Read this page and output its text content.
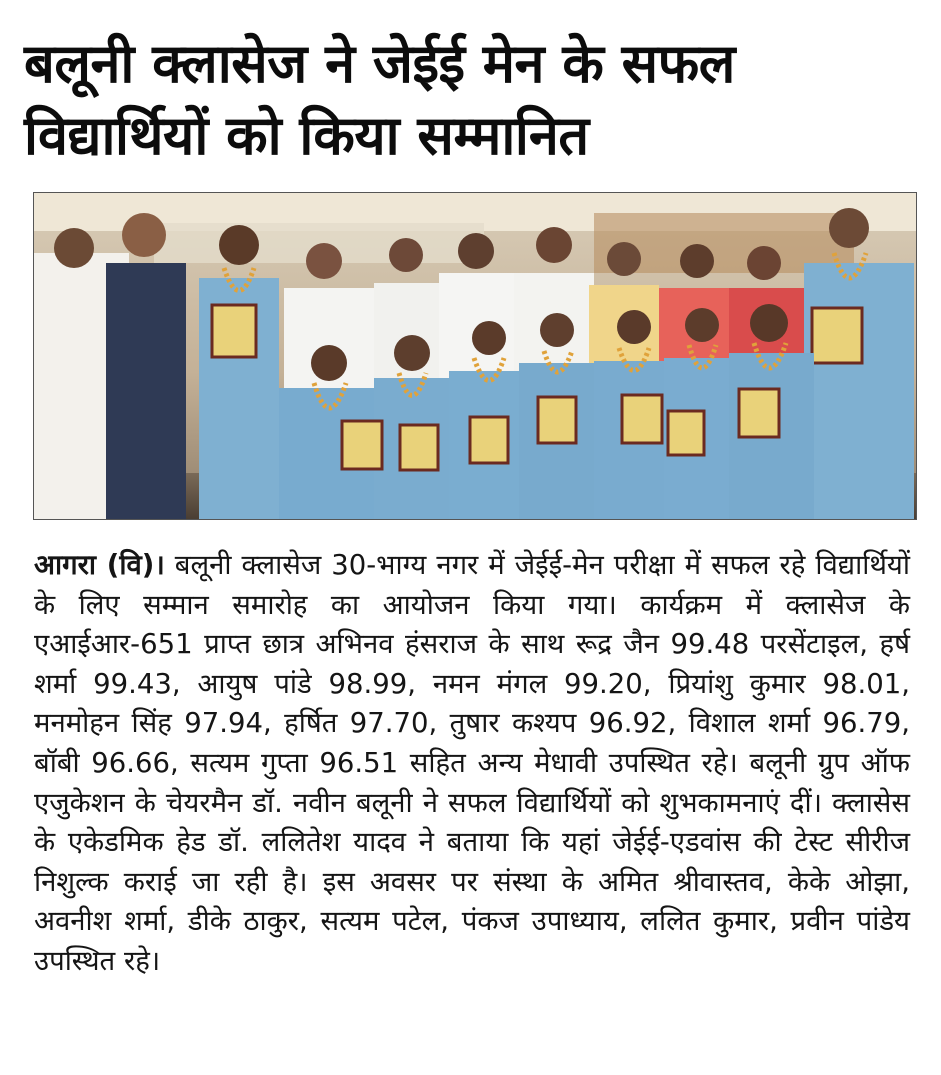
बलूनी क्लासेज ने जेईई मेन के सफल
विद्यार्थियों को किया सम्मानित

आगरा (वि)। बलूनी क्लासेज 30-भाग्य नगर में जेईई-मेन परीक्षा में सफल रहे विद्यार्थियों के लिए सम्मान समारोह का आयोजन किया गया। कार्यक्रम में क्लासेज के एआईआर-651 प्राप्त छात्र अभिनव हंसराज के साथ रूद्र जैन 99.48 परसेंटाइल, हर्ष शर्मा 99.43, आयुष पांडे 98.99, नमन मंगल 99.20, प्रियांशु कुमार 98.01, मनमोहन सिंह 97.94, हर्षित 97.70, तुषार कश्यप 96.92, विशाल शर्मा 96.79, बॉबी 96.66, सत्यम गुप्ता 96.51 सहित अन्य मेधावी उपस्थित रहे। बलूनी ग्रुप ऑफ एजुकेशन के चेयरमैन डॉ. नवीन बलूनी ने सफल विद्यार्थियों को शुभकामनाएं दीं। क्लासेस के एकेडमिक हेड डॉ. ललितेश यादव ने बताया कि यहां जेईई-एडवांस की टेस्ट सीरीज निशुल्क कराई जा रही है। इस अवसर पर संस्था के अमित श्रीवास्तव, केके ओझा, अवनीश शर्मा, डीके ठाकुर, सत्यम पटेल, पंकज उपाध्याय, ललित कुमार, प्रवीन पांडेय उपस्थित रहे।
